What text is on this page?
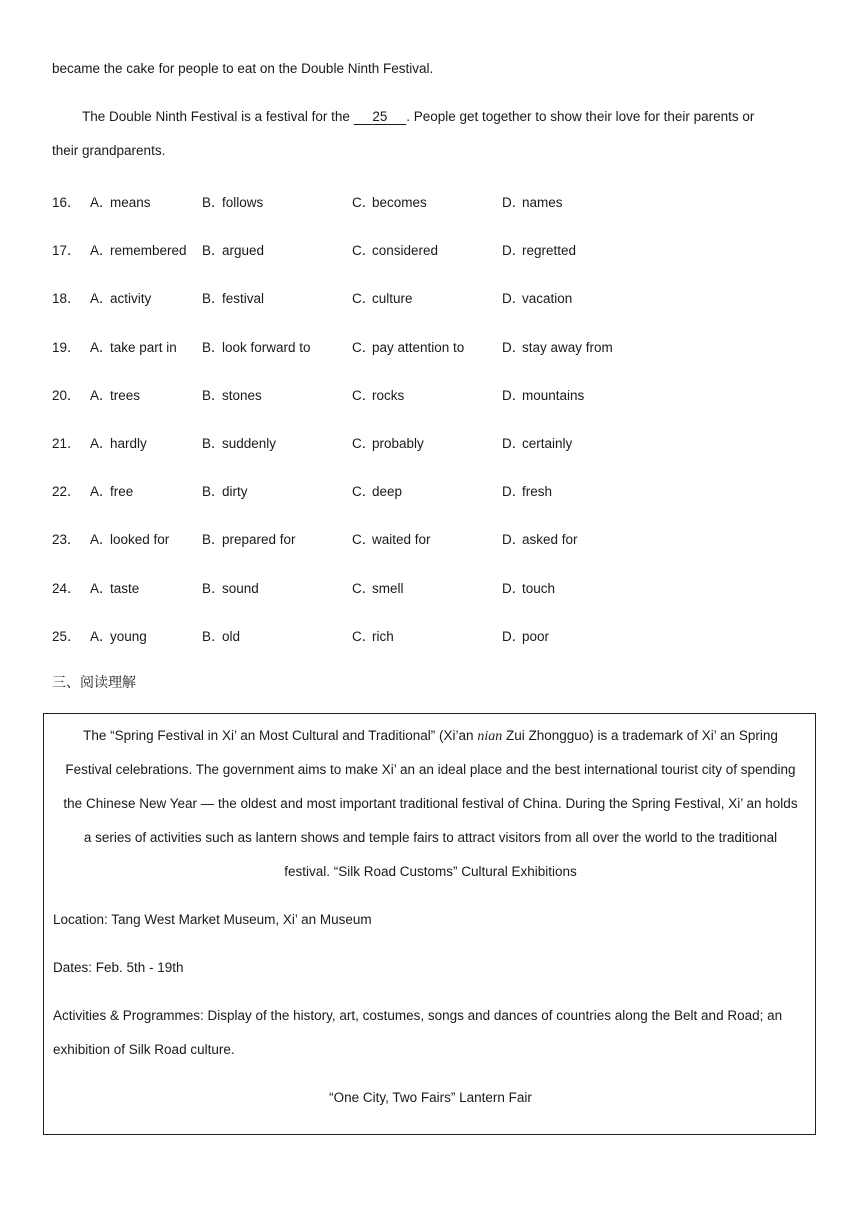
became the cake for people to eat on the Double Ninth Festival.
The Double Ninth Festival is a festival for the      25 . People get together to show their love for their parents or
their grandparents.
16． A．means	B．follows	C．becomes	D．names
17． A．remembered B．argued	C．considered	D．regretted
18． A．activity	B．festival	C．culture	D．vacation
19． A．take part in B．look forward to	C．pay attention to	D．stay away from
20． A．trees	B．stones	C．rocks	D．mountains
21． A．hardly	B．suddenly	C．probably	D．certainly
22． A．free	B．dirty	C．deep	D．fresh
23． A．looked for B．prepared for	C．waited for	D．asked for
24． A．taste	B．sound	C．smell	D．touch
25． A．young	B．old	C．rich	D．poor
三、阅读理解
The “Spring Festival in Xi’ an Most Cultural and Traditional” (Xi’an nian Zui Zhongguo) is a trademark of Xi’ an Spring
Festival celebrations. The government aims to make Xi’ an an ideal place and the best international tourist city of spending
the Chinese New Year — the oldest and most important traditional festival of China. During the Spring Festival, Xi’ an holds
a series of activities such as lantern shows and temple fairs to attract visitors from all over the world to the traditional
festival. “Silk Road Customs” Cultural Exhibitions
Location: Tang West Market Museum, Xi’ an Museum
Dates: Feb. 5th - 19th
Activities & Programmes: Display of the history, art, costumes, songs and dances of countries along the Belt and Road; an
exhibition of Silk Road culture.
“One City, Two Fairs” Lantern Fair
